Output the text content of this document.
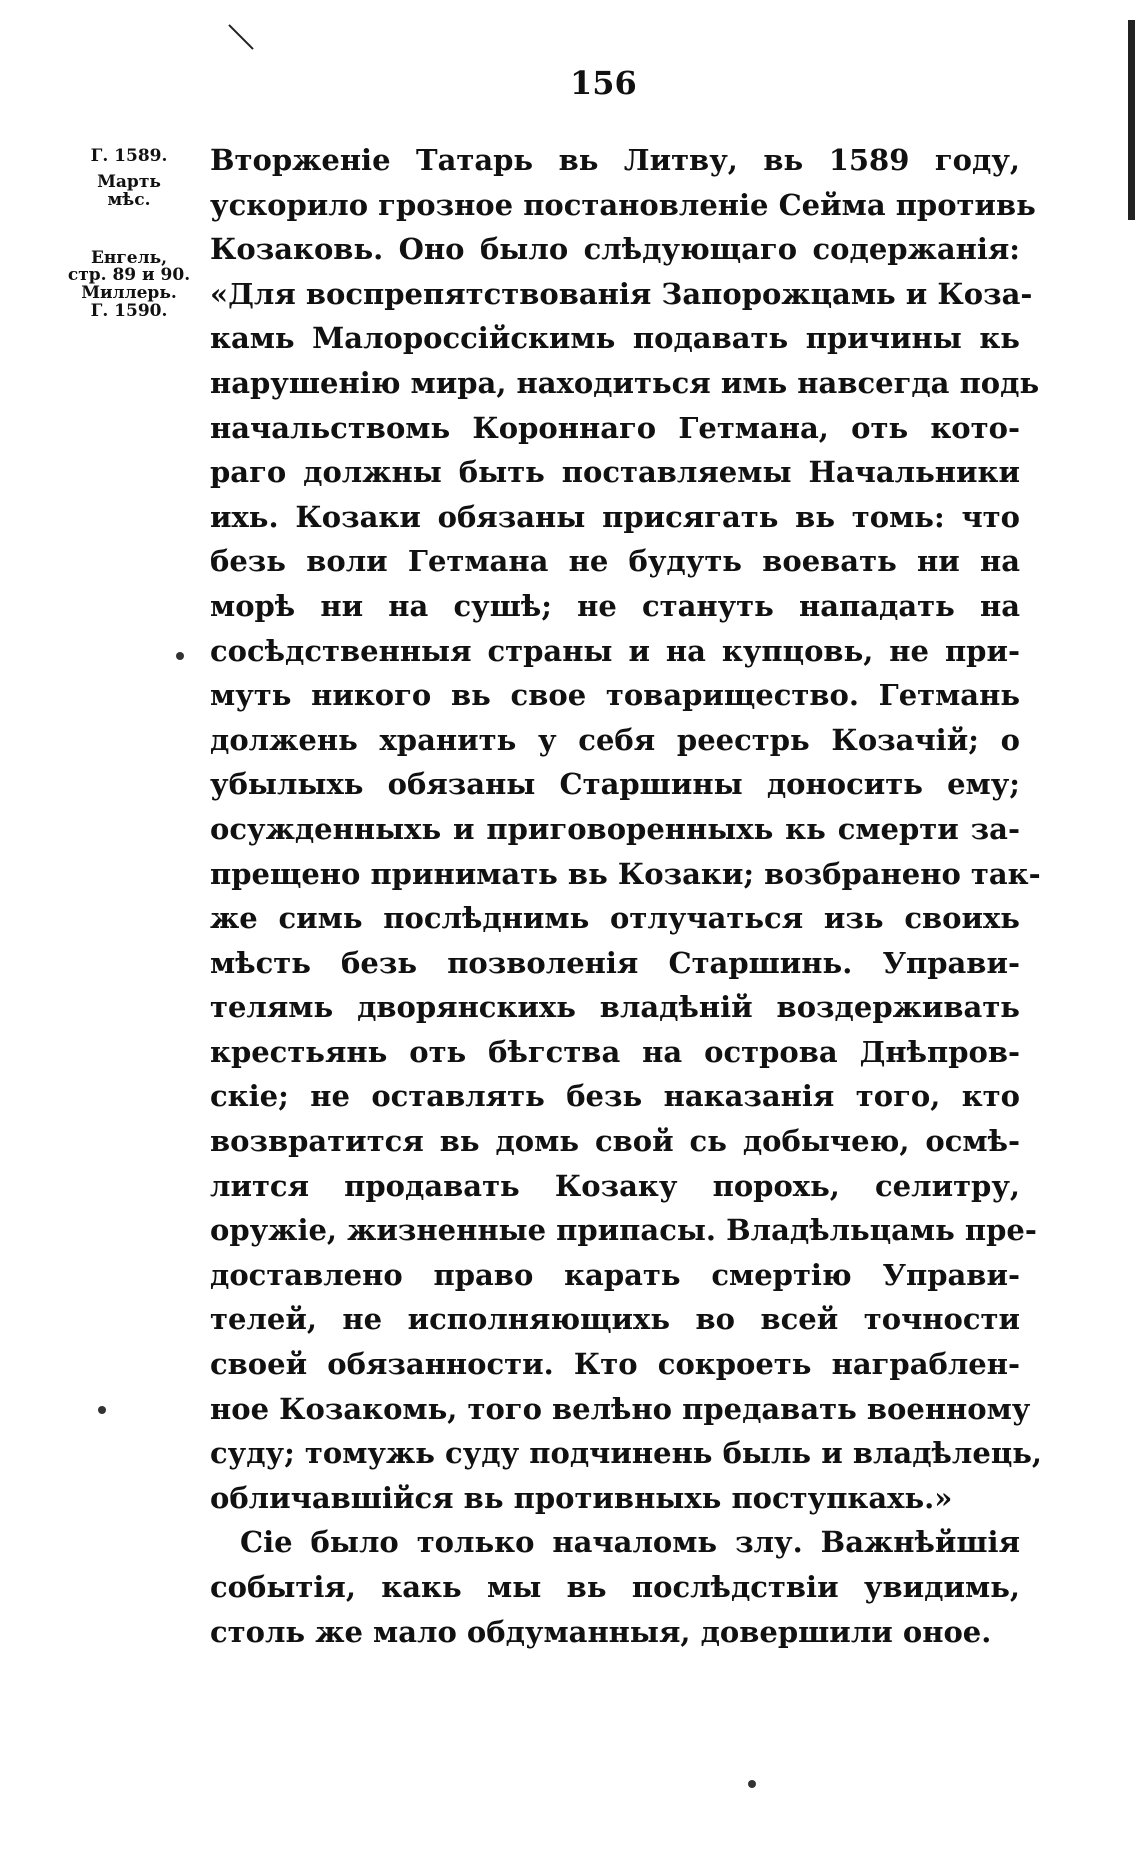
156
Г. 1589.
Марть
мѣс.
Енгель,
стр. 89 и 90.
Миллерь.
Г. 1590.
Вторженіе Татарь вь Литву, вь 1589 году,
ускорило грозное постановленіе Сейма противь
Козаковь. Оно было слѣдующаго содержанія:
«Для воспрепятствованія Запорожцамь и Коза-
камь Малороссійскимь подавать причины кь
нарушенію мира, находиться имь навсегда подь
начальствомь Короннаго Гетмана, оть кото-
раго должны быть поставляемы Начальники
ихь. Козаки обязаны присягать вь томь: что
безь воли Гетмана не будуть воевать ни на
морѣ ни на сушѣ; не стануть нападать на
сосѣдственныя страны и на купцовь, не при-
муть никого вь свое товарищество. Гетмань
должень хранить у себя реестрь Козачій; о
убылыхь обязаны Старшины доносить ему;
осужденныхь и приговоренныхь кь смерти за-
прещено принимать вь Козаки; возбранено так-
же симь послѣднимь отлучаться изь своихь
мѣсть безь позволенія Старшинь. Управи-
телямь дворянскихь владѣній воздерживать
крестьянь оть бѣгства на острова Днѣпров-
скіе; не оставлять безь наказанія того, кто
возвратится вь домь свой сь добычею, осмѣ-
лится продавать Козаку порохь, селитру,
оружіе, жизненные припасы. Владѣльцамь пре-
доставлено право карать смертію Управи-
телей, не исполняющихь во всей точности
своей обязанности. Кто сокроеть награблен-
ное Козакомь, того велѣно предавать военному
суду; томужь суду подчинень быль и владѣлець,
обличавшійся вь противныхь поступкахь.»
Сіе было только началомь злу. Важнѣйшія
событія, какь мы вь послѣдствіи увидимь,
столь же мало обдуманныя, довершили оное.
